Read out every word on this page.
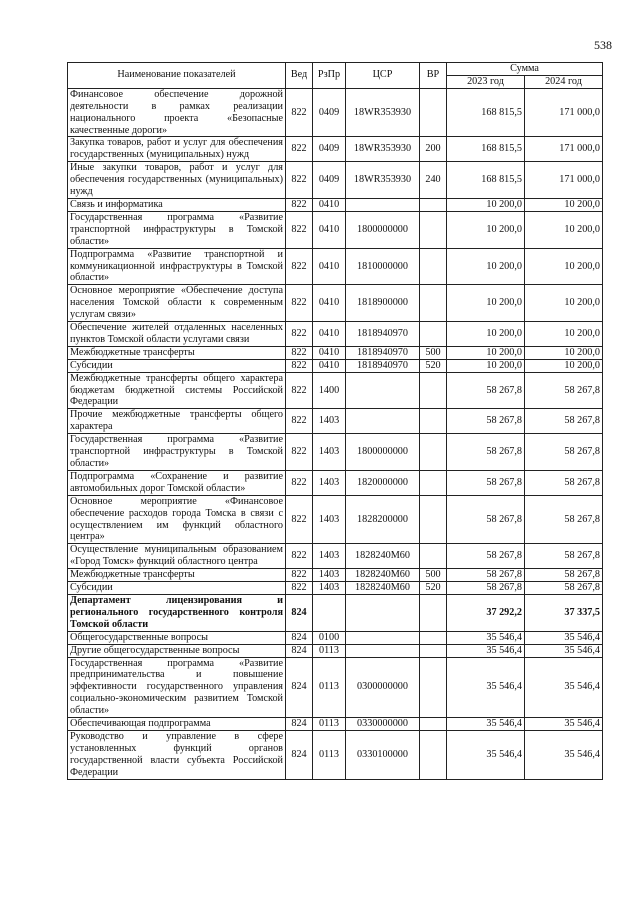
538
Наименование показателей	Вед	РзПр	ЦСР	ВР	Сумма	
					2023 год	2024 год
Финансовое обеспечение дорожной деятельности в рамках реализации национального проекта «Безопасные качественные дороги»	822	0409	18WR353930		168 815,5	171 000,0
Закупка товаров, работ и услуг для обеспечения государственных (муниципальных) нужд	822	0409	18WR353930	200	168 815,5	171 000,0
Иные закупки товаров, работ и услуг для обеспечения государственных (муниципальных) нужд	822	0409	18WR353930	240	168 815,5	171 000,0
Связь и информатика	822	0410			10 200,0	10 200,0
Государственная программа «Развитие транспортной инфраструктуры в Томской области»	822	0410	1800000000		10 200,0	10 200,0
Подпрограмма «Развитие транспортной и коммуникационной инфраструктуры в Томской области»	822	0410	1810000000		10 200,0	10 200,0
Основное мероприятие «Обеспечение доступа населения Томской области к современным услугам связи»	822	0410	1818900000		10 200,0	10 200,0
Обеспечение жителей отдаленных населенных пунктов Томской области услугами связи	822	0410	1818940970		10 200,0	10 200,0
Межбюджетные трансферты	822	0410	1818940970	500	10 200,0	10 200,0
Субсидии	822	0410	1818940970	520	10 200,0	10 200,0
Межбюджетные трансферты общего характера бюджетам бюджетной системы Российской Федерации	822	1400			58 267,8	58 267,8
Прочие межбюджетные трансферты общего характера	822	1403			58 267,8	58 267,8
Государственная программа «Развитие транспортной инфраструктуры в Томской области»	822	1403	1800000000		58 267,8	58 267,8
Подпрограмма «Сохранение и развитие автомобильных дорог Томской области»	822	1403	1820000000		58 267,8	58 267,8
Основное мероприятие «Финансовое обеспечение расходов города Томска в связи с осуществлением им функций областного центра»	822	1403	1828200000		58 267,8	58 267,8
Осуществление муниципальным образованием «Город Томск» функций областного центра	822	1403	1828240М60		58 267,8	58 267,8
Межбюджетные трансферты	822	1403	1828240М60	500	58 267,8	58 267,8
Субсидии	822	1403	1828240М60	520	58 267,8	58 267,8
Департамент лицензирования и регионального государственного контроля Томской области	824				37 292,2	37 337,5
Общегосударственные вопросы	824	0100			35 546,4	35 546,4
Другие общегосударственные вопросы	824	0113			35 546,4	35 546,4
Государственная программа «Развитие предпринимательства и повышение эффективности государственного управления социально-экономическим развитием Томской области»	824	0113	0300000000		35 546,4	35 546,4
Обеспечивающая подпрограмма	824	0113	0330000000		35 546,4	35 546,4
Руководство и управление в сфере установленных функций органов государственной власти субъекта Российской Федерации	824	0113	0330100000		35 546,4	35 546,4
